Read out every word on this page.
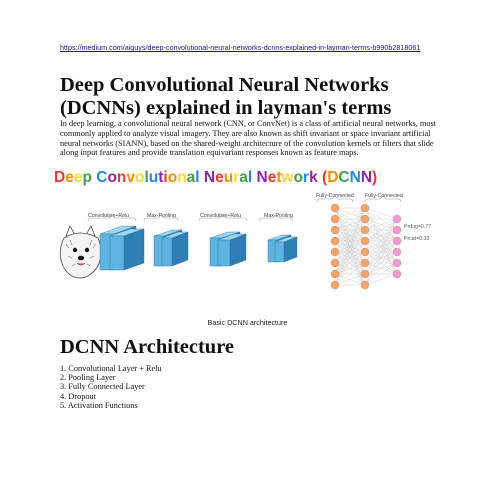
https://medium.com/aiguys/deep-convolutional-neural-networks-dcnns-explained-in-layman-terms-b990b2818061
Deep Convolutional Neural Networks (DCNNs) explained in layman's terms

In deep learning, a convolutional neural network (CNN, or ConvNet) is a class of artificial neural networks, most commonly applied to analyze visual imagery. They are also known as shift invariant or space invariant artificial neural networks (SIANN), based on the shared-weight architecture of the convolution kernels or filters that slide along input features and provide translation equivariant responses known as feature maps.

Deep Convolutional Neural Network (DCNN)
Convolution+Relu	Max-Pooling	Convolution+Relu	Max-Pooling
Fully-Connected Fully-Connected
Prdog=0.77
Prcat=0.33
Basic DCNN architecture
DCNN Architecture
1. Convolutional Layer + Relu
2. Pooling Layer
3. Fully Connected Layer
4. Dropout
5. Activation Functions
